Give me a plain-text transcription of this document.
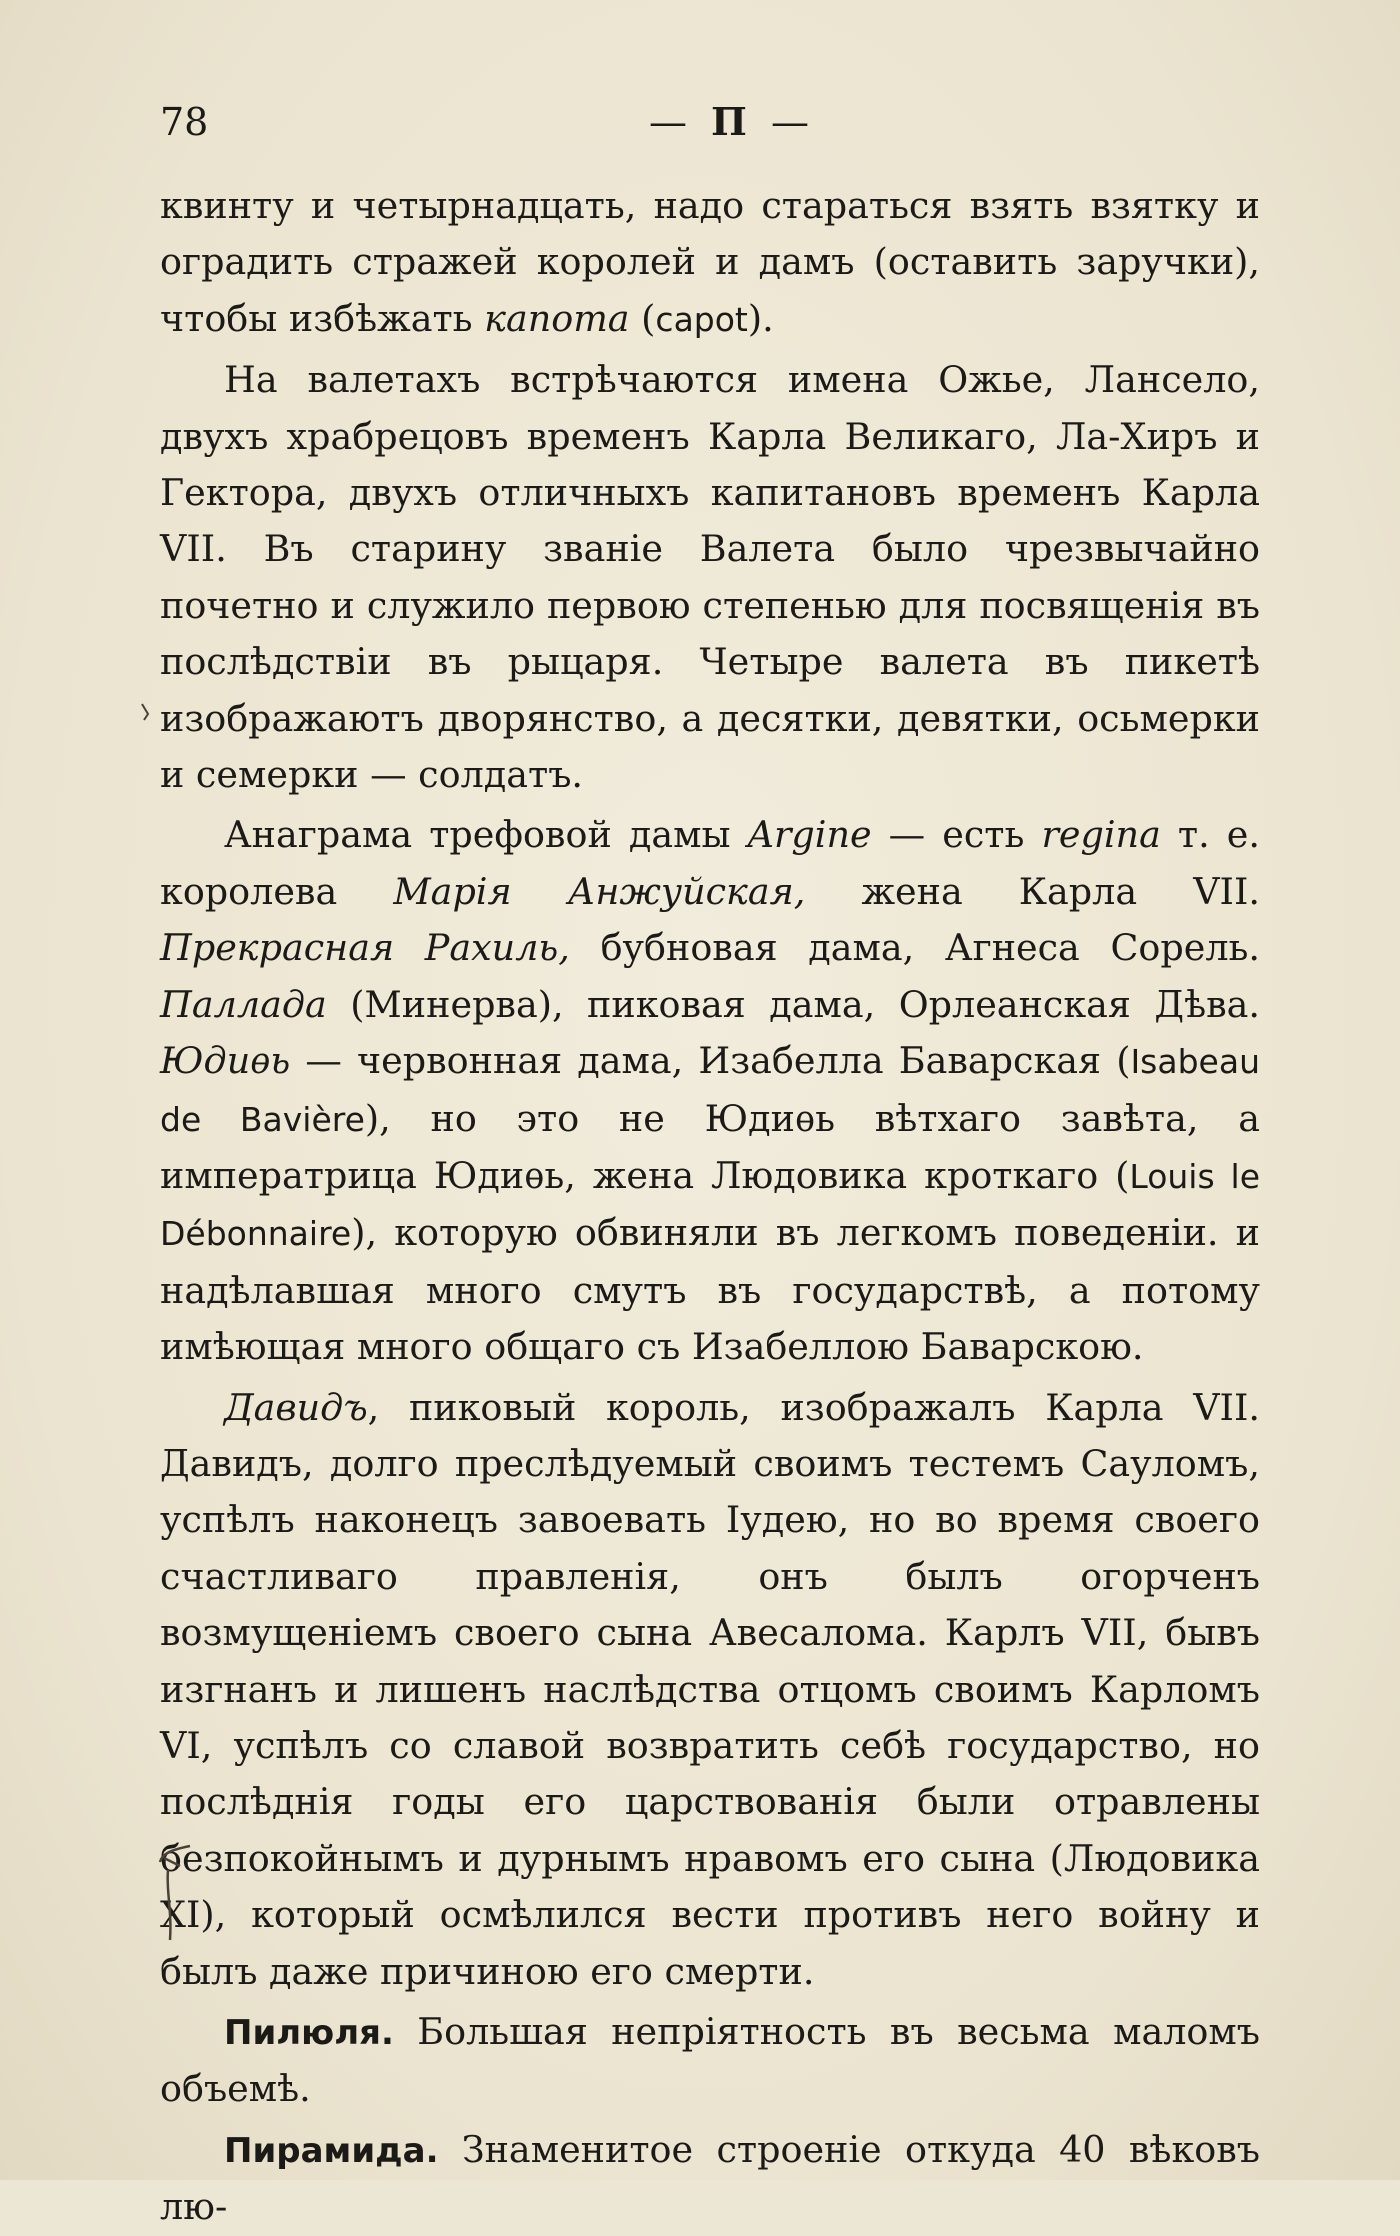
78	— П —

квинту и четырнадцать, надо стараться взять взятку и оградить стражей королей и дамъ (оставить заручки), чтобы избѣжать капота (capot).

На валетахъ встрѣчаются имена Ожье, Лансело, двухъ храбрецовъ временъ Карла Великаго, Ла-Хиръ и Гектора, двухъ отличныхъ капитановъ временъ Карла VII. Въ старину званіе Валета было чрезвычайно почетно и служило первою степенью для посвященія въ послѣдствіи въ рыцаря. Четыре валета въ пикетѣ изображаютъ дворянство, а десятки, девятки, осьмерки и семерки — солдатъ.

Анаграма трефовой дамы Argine — есть regina т. е. королева Марія Анжуйская, жена Карла VII. Прекрасная Рахиль, бубновая дама, Агнеса Сорель. Паллада (Минерва), пиковая дама, Орлеанская Дѣва. Юдиѳь — червонная дама, Изабелла Баварская (Isabeau de Bavière), но это не Юдиѳь вѣтхаго завѣта, а императрица Юдиѳь, жена Людовика кроткаго (Louis le Débonnaire), которую обвиняли въ легкомъ поведеніи. и надѣлавшая много смутъ въ государствѣ, а потому имѣющая много общаго съ Изабеллою Баварскою.

Давидъ, пиковый король, изображалъ Карла VII. Давидъ, долго преслѣдуемый своимъ тестемъ Сауломъ, успѣлъ наконецъ завоевать Іудею, но во время своего счастливаго правленія, онъ былъ огорченъ возмущеніемъ своего сына Авесалома. Карлъ VII, бывъ изгнанъ и лишенъ наслѣдства отцомъ своимъ Карломъ VI, успѣлъ со славой возвратить себѣ государство, но послѣднія годы его царствованія были отравлены безпокойнымъ и дурнымъ нравомъ его сына (Людовика XI), который осмѣлился вести противъ него войну и былъ даже причиною его смерти.

Пилюля. Большая непріятность въ весьма маломъ объемѣ.

Пирамида. Знаменитое строеніе откуда 40 вѣковъ лю-
